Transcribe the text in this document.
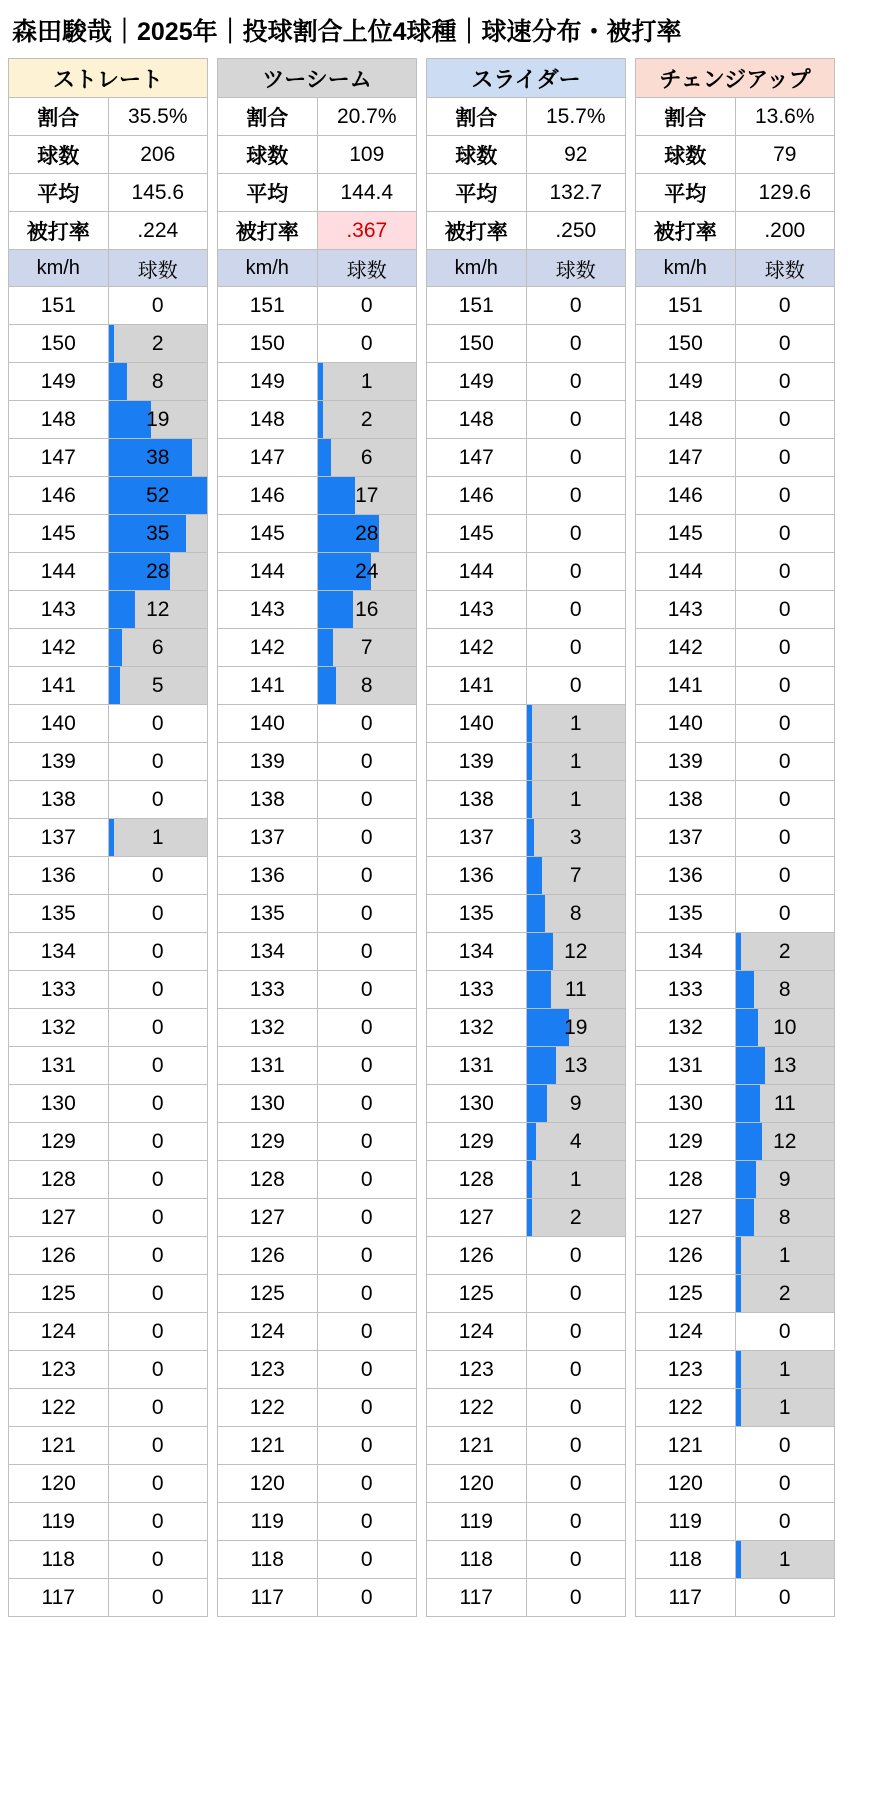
森田駿哉｜2025年｜投球割合上位4球種｜球速分布・被打率
ストレート	
割合	35.5%
球数	206
平均	145.6
被打率	.224
km/h	球数
151	0
150	2
149	8
148	19
147	38
146	52
145	35
144	28
143	12
142	6
141	5
140	0
139	0
138	0
137	1
136	0
135	0
134	0
133	0
132	0
131	0
130	0
129	0
128	0
127	0
126	0
125	0
124	0
123	0
122	0
121	0
120	0
119	0
118	0
117	0
ツーシーム	
割合	20.7%
球数	109
平均	144.4
被打率	.367
km/h	球数
151	0
150	0
149	1
148	2
147	6
146	17
145	28
144	24
143	16
142	7
141	8
140	0
139	0
138	0
137	0
136	0
135	0
134	0
133	0
132	0
131	0
130	0
129	0
128	0
127	0
126	0
125	0
124	0
123	0
122	0
121	0
120	0
119	0
118	0
117	0
スライダー	
割合	15.7%
球数	92
平均	132.7
被打率	.250
km/h	球数
151	0
150	0
149	0
148	0
147	0
146	0
145	0
144	0
143	0
142	0
141	0
140	1
139	1
138	1
137	3
136	7
135	8
134	12
133	11
132	19
131	13
130	9
129	4
128	1
127	2
126	0
125	0
124	0
123	0
122	0
121	0
120	0
119	0
118	0
117	0
チェンジアップ	
割合	13.6%
球数	79
平均	129.6
被打率	.200
km/h	球数
151	0
150	0
149	0
148	0
147	0
146	0
145	0
144	0
143	0
142	0
141	0
140	0
139	0
138	0
137	0
136	0
135	0
134	2
133	8
132	10
131	13
130	11
129	12
128	9
127	8
126	1
125	2
124	0
123	1
122	1
121	0
120	0
119	0
118	1
117	0
